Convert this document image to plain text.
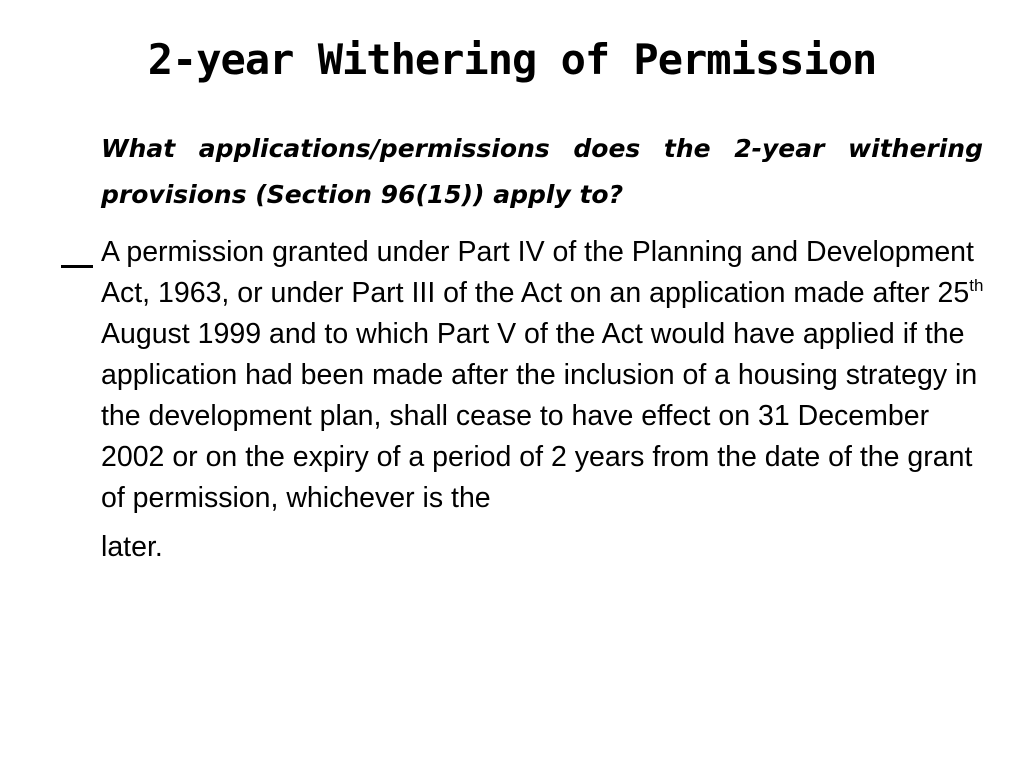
2-year Withering of Permission

What applications/permissions does the 2-year withering provisions (Section 96(15)) apply to?

A permission granted under Part IV of the Planning and Development Act, 1963, or under Part III of the Act on an application made after 25th August 1999 and to which Part V of the Act would have applied if the application had been made after the inclusion of a housing strategy in the development plan, shall cease to have effect on 31 December 2002 or on the expiry of a period of 2 years from the date of the grant of permission, whichever is the
later.
